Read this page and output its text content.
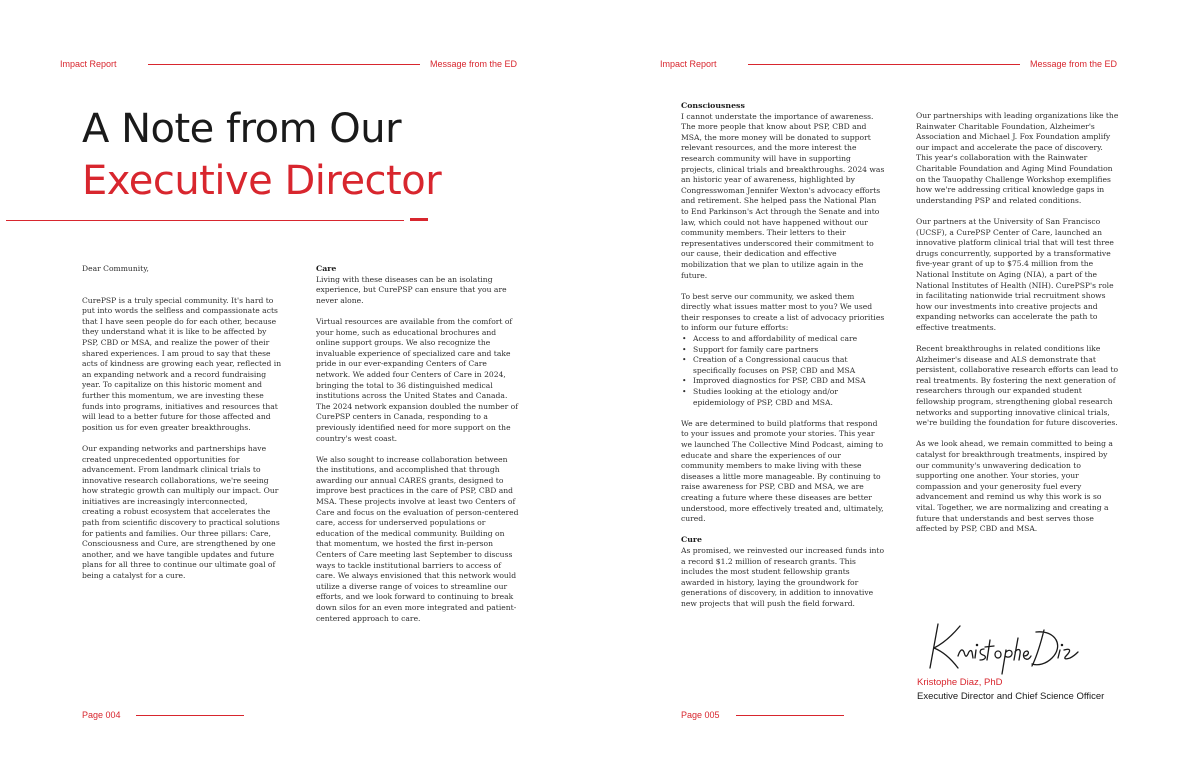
Impact Report	Message from the ED
A Note from Our
Executive Director

Dear Community,

CurePSP is a truly special community. It's hard to put into words the selfless and compassionate acts that I have seen people do for each other, because they understand what it is like to be affected by PSP, CBD or MSA, and realize the power of their shared experiences. I am proud to say that these acts of kindness are growing each year, reflected in an expanding network and a record fundraising year. To capitalize on this historic moment and further this momentum, we are investing these funds into programs, initiatives and resources that will lead to a better future for those affected and position us for even greater breakthroughs.

Our expanding networks and partnerships have created unprecedented opportunities for advancement. From landmark clinical trials to innovative research collaborations, we're seeing how strategic growth can multiply our impact. Our initiatives are increasingly interconnected, creating a robust ecosystem that accelerates the path from scientific discovery to practical solutions for patients and families. Our three pillars: Care, Consciousness and Cure, are strengthened by one another, and we have tangible updates and future plans for all three to continue our ultimate goal of being a catalyst for a cure.

Care

Living with these diseases can be an isolating experience, but CurePSP can ensure that you are never alone.

Virtual resources are available from the comfort of your home, such as educational brochures and online support groups. We also recognize the invaluable experience of specialized care and take pride in our ever-expanding Centers of Care network. We added four Centers of Care in 2024, bringing the total to 36 distinguished medical institutions across the United States and Canada. The 2024 network expansion doubled the number of CurePSP centers in Canada, responding to a previously identified need for more support on the country's west coast.

We also sought to increase collaboration between the institutions, and accomplished that through awarding our annual CARES grants, designed to improve best practices in the care of PSP, CBD and MSA. These projects involve at least two Centers of Care and focus on the evaluation of person-centered care, access for underserved populations or education of the medical community. Building on that momentum, we hosted the first in-person Centers of Care meeting last September to discuss ways to tackle institutional barriers to access of care. We always envisioned that this network would utilize a diverse range of voices to streamline our efforts, and we look forward to continuing to break down silos for an even more integrated and patient-centered approach to care.

Page 004
Impact Report	Message from the ED
Consciousness

I cannot understate the importance of awareness. The more people that know about PSP, CBD and MSA, the more money will be donated to support relevant resources, and the more interest the research community will have in supporting projects, clinical trials and breakthroughs. 2024 was an historic year of awareness, highlighted by Congresswoman Jennifer Wexton's advocacy efforts and retirement. She helped pass the National Plan to End Parkinson's Act through the Senate and into law, which could not have happened without our community members. Their letters to their representatives underscored their commitment to our cause, their dedication and effective mobilization that we plan to utilize again in the future.

To best serve our community, we asked them directly what issues matter most to you? We used their responses to create a list of advocacy priorities to inform our future efforts:

• Access to and affordability of medical care
• Support for family care partners
• Creation of a Congressional caucus that specifically focuses on PSP, CBD and MSA
• Improved diagnostics for PSP, CBD and MSA
• Studies looking at the etiology and/or epidemiology of PSP, CBD and MSA.

We are determined to build platforms that respond to your issues and promote your stories. This year we launched The Collective Mind Podcast, aiming to educate and share the experiences of our community members to make living with these diseases a little more manageable. By continuing to raise awareness for PSP, CBD and MSA, we are creating a future where these diseases are better understood, more effectively treated and, ultimately, cured.

Cure

As promised, we reinvested our increased funds into a record $1.2 million of research grants. This includes the most student fellowship grants awarded in history, laying the groundwork for generations of discovery, in addition to innovative new projects that will push the field forward.

Our partnerships with leading organizations like the Rainwater Charitable Foundation, Alzheimer's Association and Michael J. Fox Foundation amplify our impact and accelerate the pace of discovery. This year's collaboration with the Rainwater Charitable Foundation and Aging Mind Foundation on the Tauopathy Challenge Workshop exemplifies how we're addressing critical knowledge gaps in understanding PSP and related conditions.

Our partners at the University of San Francisco (UCSF), a CurePSP Center of Care, launched an innovative platform clinical trial that will test three drugs concurrently, supported by a transformative five-year grant of up to $75.4 million from the National Institute on Aging (NIA), a part of the National Institutes of Health (NIH). CurePSP's role in facilitating nationwide trial recruitment shows how our investments into creative projects and expanding networks can accelerate the path to effective treatments.

Recent breakthroughs in related conditions like Alzheimer's disease and ALS demonstrate that persistent, collaborative research efforts can lead to real treatments. By fostering the next generation of researchers through our expanded student fellowship program, strengthening global research networks and supporting innovative clinical trials, we're building the foundation for future discoveries.

As we look ahead, we remain committed to being a catalyst for breakthrough treatments, inspired by our community's unwavering dedication to supporting one another. Your stories, your compassion and your generosity fuel every advancement and remind us why this work is so vital. Together, we are normalizing and creating a future that understands and best serves those affected by PSP, CBD and MSA.

Kristophe Diaz, PhD
Executive Director and Chief Science Officer
Page 005
